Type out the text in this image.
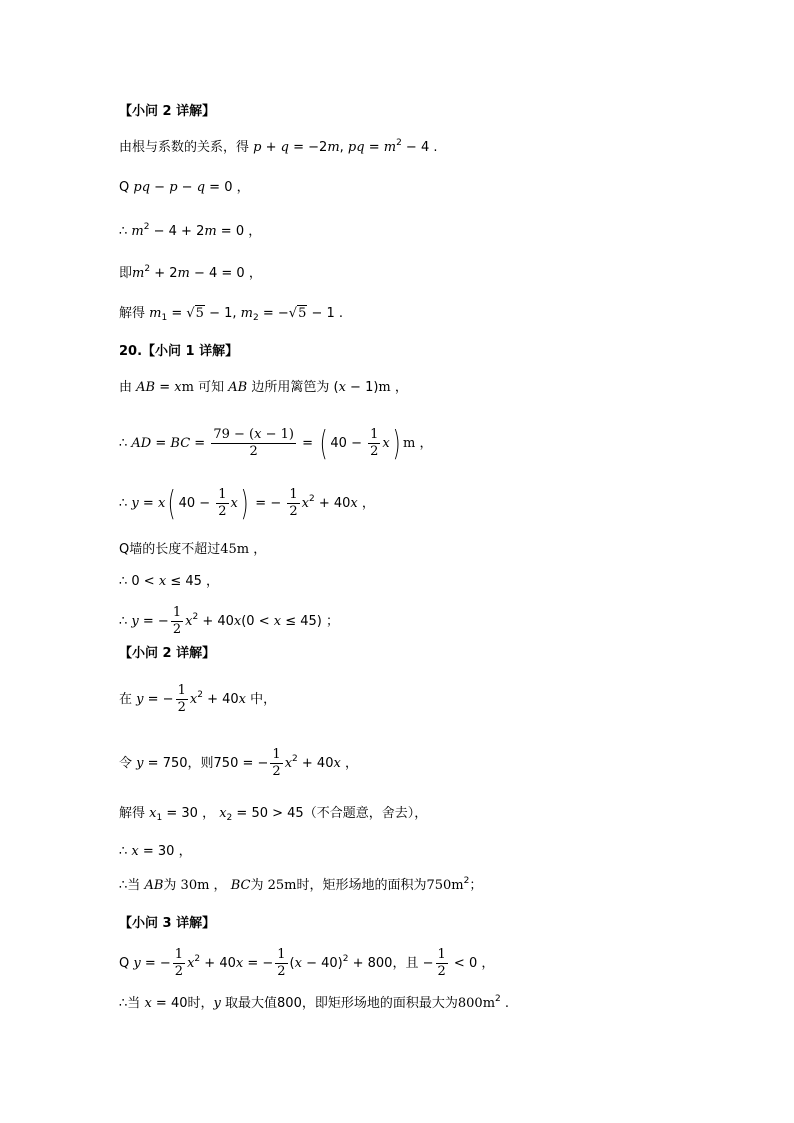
【小问 2 详解】
由根与系数的关系，得 p + q = −2m, pq = $m^2 - 4$ .
Q pq − p − q = 0 ，
∴ $m^2 - 4 + 2m = 0$ ，
即$m^2 + 2m - 4 = 0$ ，
解得 $m_1 = √5 - 1$, $m_2 = -√5 - 1$ .
20.【小问 1 详解】
由 AB = xm 可知 AB 边所用篱笆为 (x − 1)m ，
∴ AD = BC = $\frac{79 - (x - 1)}{2}$ = ( $40 - \frac{1}{2} x$) m ，
∴ y = x( $40 - \frac{1}{2} x$) = − $\frac{1}{2} x^2 + 40x$ ，
Q墙的长度不超过45m ，
∴ 0 < x ≤ 45 ，
∴ y = − $\frac{1}{2} x^2 + 40x(0 < x \le 45)$ ；
【小问 2 详解】
在 y = − $\frac{1}{2} x^2 + 40x$ 中，
令 y = 750，则750 = − $\frac{1}{2} x^2 + 40x$ ，
解得 $x_1 = 30$ ， $x_2 = 50 > 45$（不合题意，舍去），
∴ x = 30 ，
∴当 AB为 30m ， BC为 25m时，矩形场地的面积为$750m^2$；
【小问 3 详解】
Q y = − $\frac{1}{2} x^2 + 40x$ = − $\frac{1}{2} (x - 40)^2 + 800$，且 − $\frac{1}{2} < 0$ ，
∴当 x = 40时，y 取最大值800，即矩形场地的面积最大为$800m^2$ .
